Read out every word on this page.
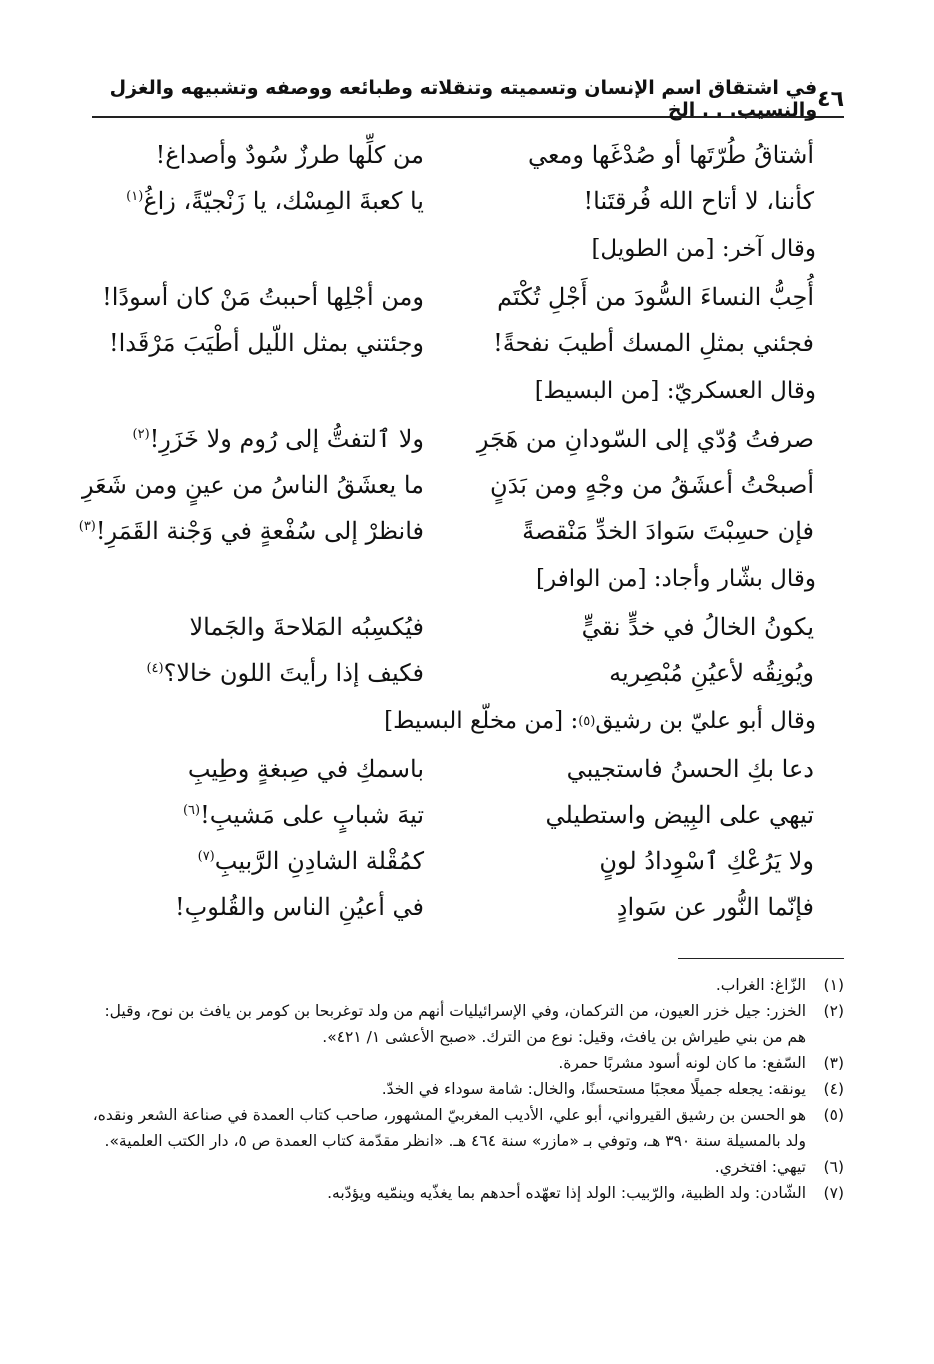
٤٦
في اشتقاق اسم الإنسان وتسميته وتنقلاته وطبائعه ووصفه وتشبيهه والغزل والنسيب. . . الخ
أشتاقُ طُرّتَها أو صُدْغَها ومعي
من كلِّها طرزٌ سُودٌ وأصداغ!
كأننا، لا أتاح الله فُرقتَنا!
يا كعبةَ المِسْك، يا زَنْجيّةً، زاغُ$^{(١)}$
وقال آخر: [من الطويل]
أُحِبُّ النساءَ السُّودَ من أَجْلِ تُكْتَم
ومن أجْلِها أحببتُ مَنْ كان أسودًا!
فجئني بمثلِ المسك أطيبَ نفحةً!
وجئتني بمثل اللّيل أطْيَبَ مَرْقَدا!
وقال العسكريّ: [من البسيط]
صرفتُ وُدّي إلى السّودانِ من هَجَرِ
ولا ٱلتفتُّ إلى رُوم ولا خَزَرِ!$^{(٢)}$
أصبحْتُ أعشَقُ من وجْهٍ ومن بَدَنٍ
ما يعشَقُ الناسُ من عينٍ ومن شَعَرِ
فإن حسِبْتَ سَوادَ الخدِّ مَنْقصةً
فانظرْ إلى سُفْعةٍ في وَجْنة القَمَرِ!$^{(٣)}$
وقال بشّار وأجاد: [من الوافر]
يكونُ الخالُ في خدٍّ نقيٍّ
فيُكسِبُه المَلاحةَ والجَمالا
ويُونِقُه لأعيُنِ مُبْصِريه
فكيف إذا رأيتَ اللون خالا؟$^{(٤)}$
وقال أبو عليّ بن رشيق
(٥)
: [من مخلّع البسيط]
دعا بكِ الحسنُ فاستجيبي
باسمكِ في صِبغةٍ وطِيبِ
تيهي على البِيض واستطيلي
تيهَ شبابٍ على مَشيبِ!$^{(٦)}$
ولا يَرُعْكِ ٱسْوِدادُ لونٍ
كمُقْلة الشادِنِ الرَّبيبِ$^{(٧)}$
فإنّما النُّور عن سَوادٍ
في أعيُنِ الناس والقُلوبِ!
(١)
الزّاغ: الغراب.
(٢)
الخزر: جيل خزر العيون، من التركمان، وفي الإسرائيليات أنهم من ولد توغربحا بن كومر بن يافث بن نوح، وقيل: هم من بني طيراش بن يافث، وقيل: نوع من الترك. «صبح الأعشى ١/ ٤٢١».
(٣)
السّفع: ما كان لونه أسود مشربًا حمرة.
(٤)
يونقه: يجعله جميلًا معجبًا مستحسنًا، والخال: شامة سوداء في الخدّ.
(٥)
هو الحسن بن رشيق القيرواني، أبو علي، الأديب المغربيّ المشهور، صاحب كتاب العمدة في صناعة الشعر ونقده، ولد بالمسيلة سنة ٣٩٠ هـ، وتوفي بـ «مازر» سنة ٤٦٤ هـ. «انظر مقدّمة كتاب العمدة ص ٥، دار الكتب العلمية».
(٦)
تيهي: افتخري.
(٧)
الشّادن: ولد الظبية، والرّبيب: الولد إذا تعهّده أحدهم بما يغذّيه وينمّيه ويؤدّبه.
